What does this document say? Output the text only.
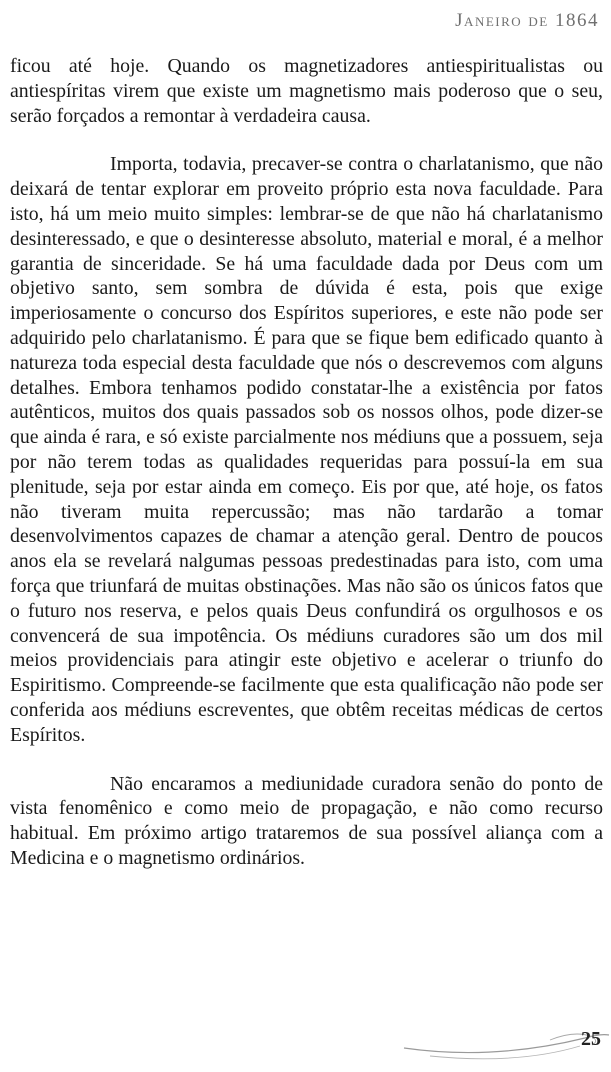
Janeiro de 1864

ficou até hoje. Quando os magnetizadores antiespiritualistas ou antiespíritas virem que existe um magnetismo mais poderoso que o seu, serão forçados a remontar à verdadeira causa.

Importa, todavia, precaver-se contra o charlatanismo, que não deixará de tentar explorar em proveito próprio esta nova faculdade. Para isto, há um meio muito simples: lembrar-se de que não há charlatanismo desinteressado, e que o desinteresse absoluto, material e moral, é a melhor garantia de sinceridade. Se há uma faculdade dada por Deus com um objetivo santo, sem sombra de dúvida é esta, pois que exige imperiosamente o concurso dos Espíritos superiores, e este não pode ser adquirido pelo charlatanismo. É para que se fique bem edificado quanto à natureza toda especial desta faculdade que nós o descrevemos com alguns detalhes. Embora tenhamos podido constatar-lhe a existência por fatos autênticos, muitos dos quais passados sob os nossos olhos, pode dizer-se que ainda é rara, e só existe parcialmente nos médiuns que a possuem, seja por não terem todas as qualidades requeridas para possuí-la em sua plenitude, seja por estar ainda em começo. Eis por que, até hoje, os fatos não tiveram muita repercussão; mas não tardarão a tomar desenvolvimentos capazes de chamar a atenção geral. Dentro de poucos anos ela se revelará nalgumas pessoas predestinadas para isto, com uma força que triunfará de muitas obstinações. Mas não são os únicos fatos que o futuro nos reserva, e pelos quais Deus confundirá os orgulhosos e os convencerá de sua impotência. Os médiuns curadores são um dos mil meios providenciais para atingir este objetivo e acelerar o triunfo do Espiritismo. Compreende-se facilmente que esta qualificação não pode ser conferida aos médiuns escreventes, que obtêm receitas médicas de certos Espíritos.

Não encaramos a mediunidade curadora senão do ponto de vista fenomênico e como meio de propagação, e não como recurso habitual. Em próximo artigo trataremos de sua possível aliança com a Medicina e o magnetismo ordinários.

25
